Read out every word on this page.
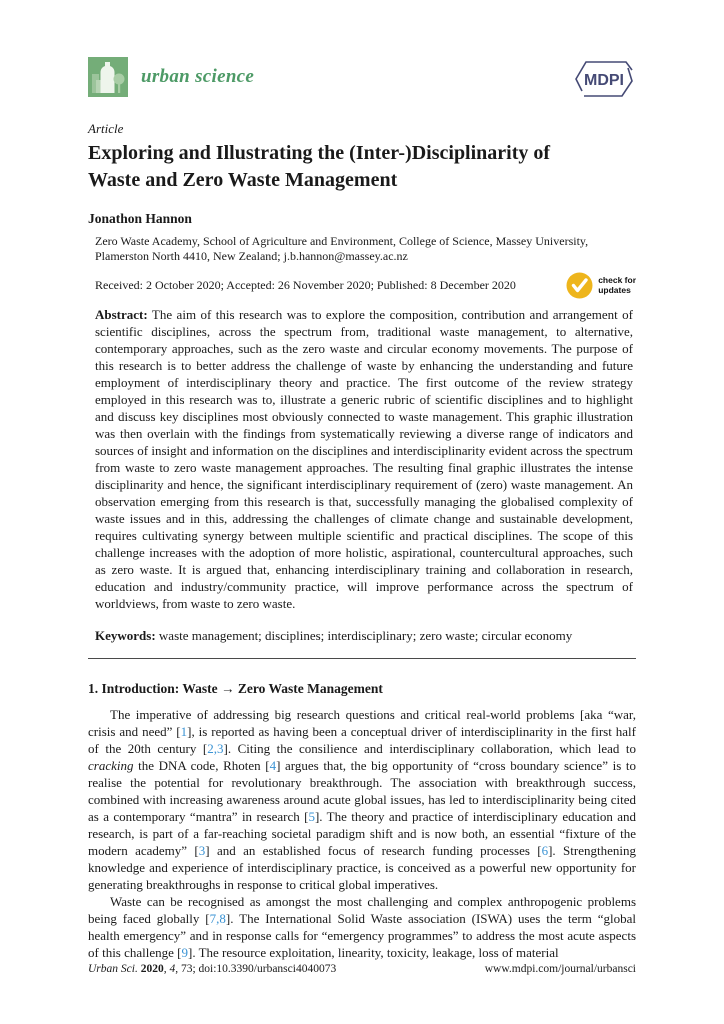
urban science	MDPI
Article
Exploring and Illustrating the (Inter-)Disciplinarity of
Waste and Zero Waste Management
Jonathon Hannon
Zero Waste Academy, School of Agriculture and Environment, College of Science, Massey University,
Plamerston North 4410, New Zealand; j.b.hannon@massey.ac.nz
Received: 2 October 2020; Accepted: 26 November 2020; Published: 8 December 2020	check for
updates

Abstract: The aim of this research was to explore the composition, contribution and arrangement of scientific disciplines, across the spectrum from, traditional waste management, to alternative, contemporary approaches, such as the zero waste and circular economy movements. The purpose of this research is to better address the challenge of waste by enhancing the understanding and future employment of interdisciplinary theory and practice. The first outcome of the review strategy employed in this research was to, illustrate a generic rubric of scientific disciplines and to highlight and discuss key disciplines most obviously connected to waste management. This graphic illustration was then overlain with the findings from systematically reviewing a diverse range of indicators and sources of insight and information on the disciplines and interdisciplinarity evident across the spectrum from waste to zero waste management approaches. The resulting final graphic illustrates the intense disciplinarity and hence, the significant interdisciplinary requirement of (zero) waste management. An observation emerging from this research is that, successfully managing the globalised complexity of waste issues and in this, addressing the challenges of climate change and sustainable development, requires cultivating synergy between multiple scientific and practical disciplines. The scope of this challenge increases with the adoption of more holistic, aspirational, countercultural approaches, such as zero waste. It is argued that, enhancing interdisciplinary training and collaboration in research, education and industry/community practice, will improve performance across the spectrum of worldviews, from waste to zero waste.

Keywords: waste management; disciplines; interdisciplinary; zero waste; circular economy

1. Introduction: Waste → Zero Waste Management

The imperative of addressing big research questions and critical real-world problems [aka “war, crisis and need” [1], is reported as having been a conceptual driver of interdisciplinarity in the first half of the 20th century [2,3]. Citing the consilience and interdisciplinary collaboration, which lead to cracking the DNA code, Rhoten [4] argues that, the big opportunity of “cross boundary science” is to realise the potential for revolutionary breakthrough. The association with breakthrough success, combined with increasing awareness around acute global issues, has led to interdisciplinarity being cited as a contemporary “mantra” in research [5]. The theory and practice of interdisciplinary education and research, is part of a far-reaching societal paradigm shift and is now both, an essential “fixture of the modern academy” [3] and an established focus of research funding processes [6]. Strengthening knowledge and experience of interdisciplinary practice, is conceived as a powerful new opportunity for generating breakthroughs in response to critical global imperatives.

Waste can be recognised as amongst the most challenging and complex anthropogenic problems being faced globally [7,8]. The International Solid Waste association (ISWA) uses the term “global health emergency” and in response calls for “emergency programmes” to address the most acute aspects of this challenge [9]. The resource exploitation, linearity, toxicity, leakage, loss of material

Urban Sci. 2020, 4, 73; doi:10.3390/urbansci4040073	www.mdpi.com/journal/urbansci
